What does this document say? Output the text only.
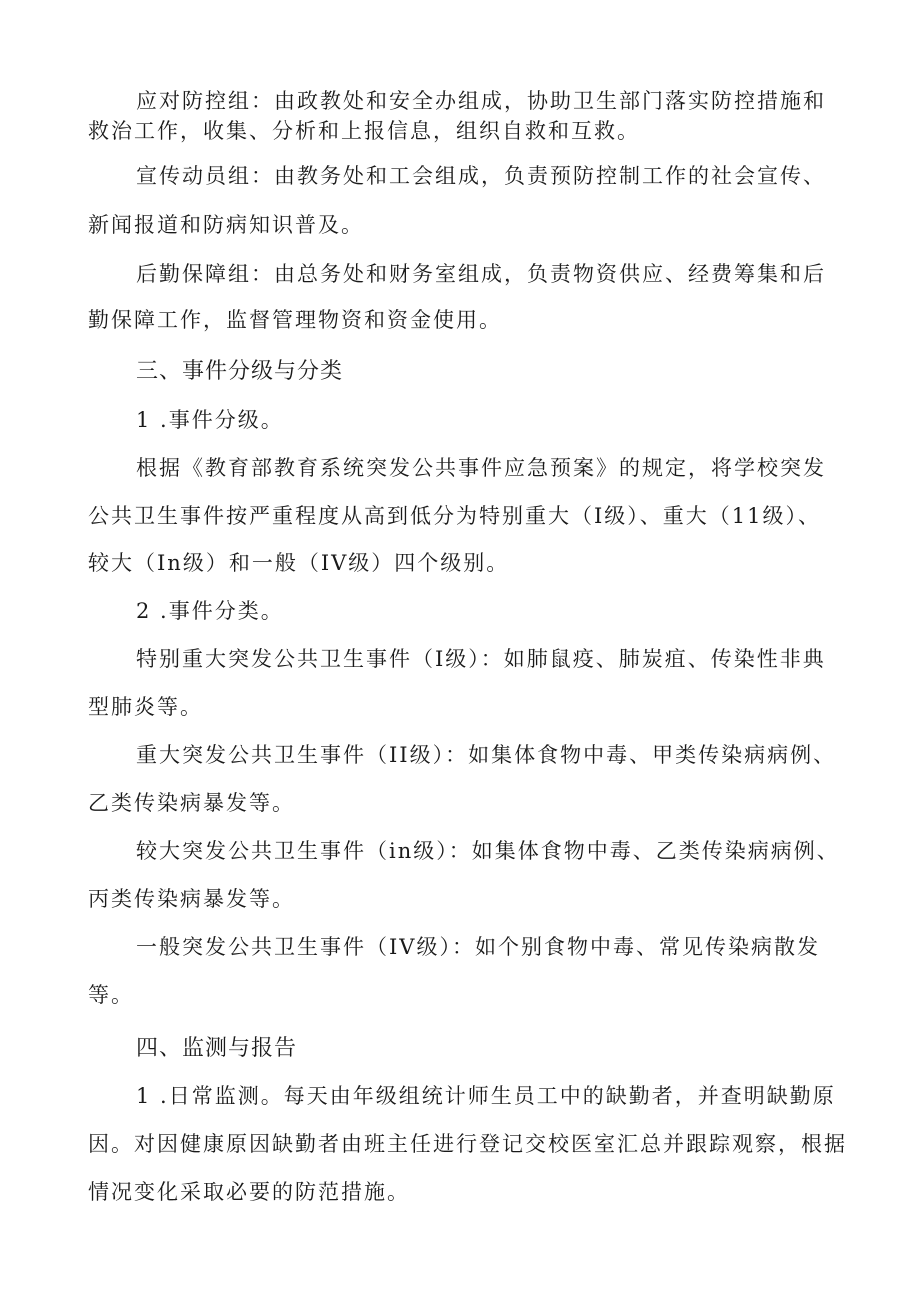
应对防控组：由政教处和安全办组成，协助卫生部门落实防控措施和

救治工作，收集、分析和上报信息，组织自救和互救。

宣传动员组：由教务处和工会组成，负责预防控制工作的社会宣传、

新闻报道和防病知识普及。

后勤保障组：由总务处和财务室组成，负责物资供应、经费筹集和后

勤保障工作，监督管理物资和资金使用。

三、事件分级与分类

1 .事件分级。

根据《教育部教育系统突发公共事件应急预案》的规定，将学校突发

公共卫生事件按严重程度从高到低分为特别重大（I级）、重大（11级）、

较大（In级）和一般（IV级）四个级别。

2 .事件分类。

特别重大突发公共卫生事件（I级）：如肺鼠疫、肺炭疽、传染性非典

型肺炎等。

重大突发公共卫生事件（II级）：如集体食物中毒、甲类传染病病例、

乙类传染病暴发等。

较大突发公共卫生事件（in级）：如集体食物中毒、乙类传染病病例、

丙类传染病暴发等。

一般突发公共卫生事件（IV级）：如个别食物中毒、常见传染病散发

等。

四、监测与报告

1 .日常监测。每天由年级组统计师生员工中的缺勤者，并查明缺勤原

因。对因健康原因缺勤者由班主任进行登记交校医室汇总并跟踪观察，根据

情况变化采取必要的防范措施。
